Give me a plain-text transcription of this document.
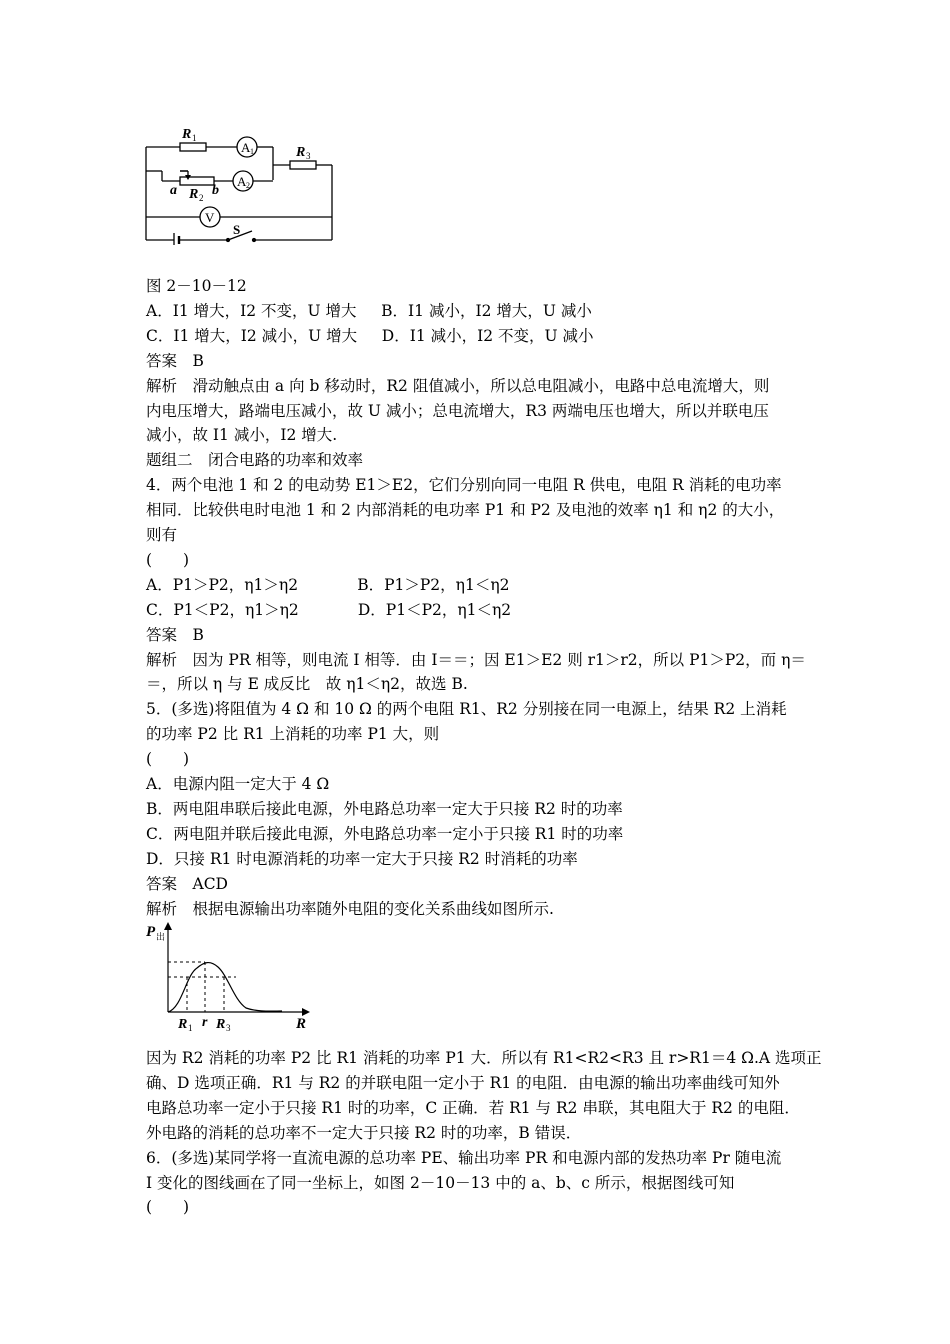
R 1
A 1
A 2
R 3
a R 2 b
V
S
图 2－10－12
A．I1 增大，I2 不变，U 增大     B．I1 减小，I2 增大，U 减小
C．I1 增大，I2 减小，U 增大     D．I1 减小，I2 不变，U 减小
答案　B
解析　滑动触点由 a 向 b 移动时，R2 阻值减小，所以总电阻减小，电路中总电流增大，则
内电压增大，路端电压减小，故 U 减小；总电流增大，R3 两端电压也增大，所以并联电压
减小，故 I1 减小，I2 增大.
题组二　闭合电路的功率和效率
4．两个电池 1 和 2 的电动势 E1＞E2，它们分别向同一电阻 R 供电，电阻 R 消耗的电功率
相同．比较供电时电池 1 和 2 内部消耗的电功率 P1 和 P2 及电池的效率 η1 和 η2 的大小，
则有
(　　)
A．P1＞P2，η1＞η2            B．P1＞P2，η1＜η2
C．P1＜P2，η1＞η2            D．P1＜P2，η1＜η2
答案　B
解析　因为 PR 相等，则电流 I 相等．由 I＝＝；因 E1＞E2 则 r1＞r2，所以 P1＞P2，而 η＝
＝，所以 η 与 E 成反比　故 η1＜η2，故选 B.
5．(多选)将阻值为 4 Ω 和 10 Ω 的两个电阻 R1、R2 分别接在同一电源上，结果 R2 上消耗
的功率 P2 比 R1 上消耗的功率 P1 大，则
(　　)
A．电源内阻一定大于 4 Ω
B．两电阻串联后接此电源，外电路总功率一定大于只接 R2 时的功率
C．两电阻并联后接此电源，外电路总功率一定小于只接 R1 时的功率
D．只接 R1 时电源消耗的功率一定大于只接 R2 时消耗的功率
答案　ACD
解析　根据电源输出功率随外电阻的变化关系曲线如图所示.
P 出
R 1 r R 3	R
因为 R2 消耗的功率 P2 比 R1 消耗的功率 P1 大．所以有 R1<R2<R3 且 r>R1＝4 Ω.A 选项正
确、D 选项正确．R1 与 R2 的并联电阻一定小于 R1 的电阻．由电源的输出功率曲线可知外
电路总功率一定小于只接 R1 时的功率，C 正确．若 R1 与 R2 串联，其电阻大于 R2 的电阻．
外电路的消耗的总功率不一定大于只接 R2 时的功率，B 错误．
6．(多选)某同学将一直流电源的总功率 PE、输出功率 PR 和电源内部的发热功率 Pr 随电流
I 变化的图线画在了同一坐标上，如图 2－10－13 中的 a、b、c 所示，根据图线可知
(　　)
